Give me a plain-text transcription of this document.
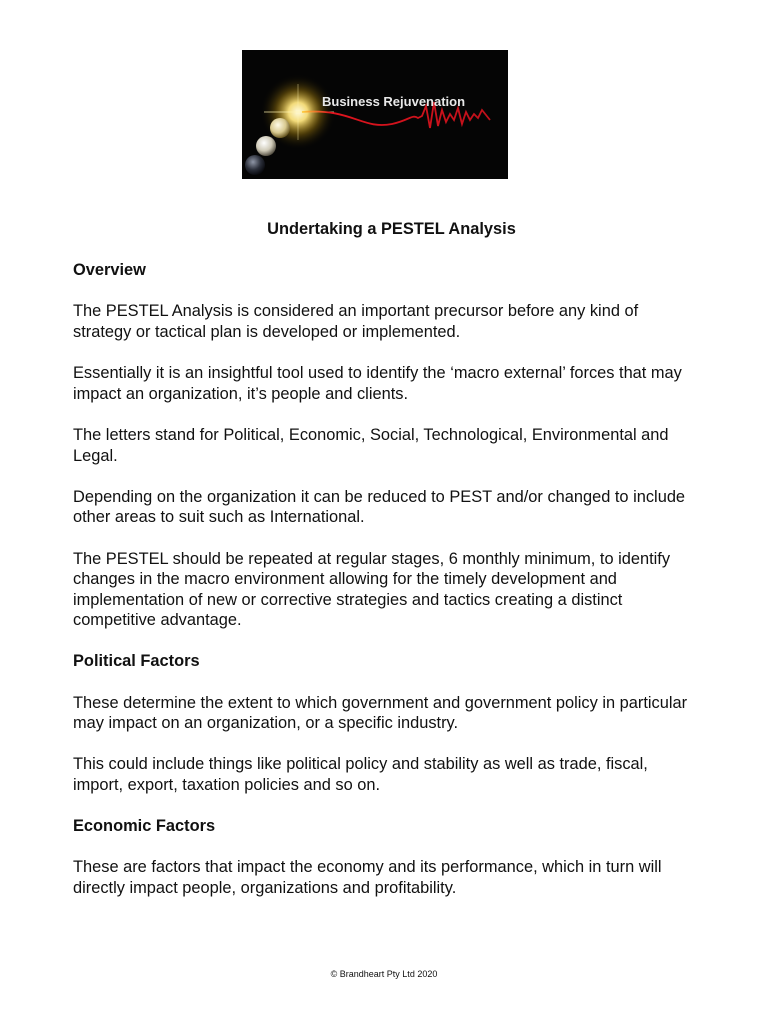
Business Rejuvenation
Undertaking a PESTEL Analysis
Overview

The PESTEL Analysis is considered an important precursor before any kind of strategy or tactical plan is developed or implemented.

Essentially it is an insightful tool used to identify the ‘macro external’ forces that may impact an organization, it’s people and clients.

The letters stand for Political, Economic, Social, Technological, Environmental and Legal.

Depending on the organization it can be reduced to PEST and/or changed to include other areas to suit such as International.

The PESTEL should be repeated at regular stages, 6 monthly minimum, to identify changes in the macro environment allowing for the timely development and implementation of new or corrective strategies and tactics creating a distinct competitive advantage.

Political Factors

These determine the extent to which government and government policy in particular may impact on an organization, or a specific industry.

This could include things like political policy and stability as well as trade, fiscal, import, export, taxation policies and so on.

Economic Factors

These are factors that impact the economy and its performance, which in turn will directly impact people, organizations and profitability.

© Brandheart Pty Ltd 2020
